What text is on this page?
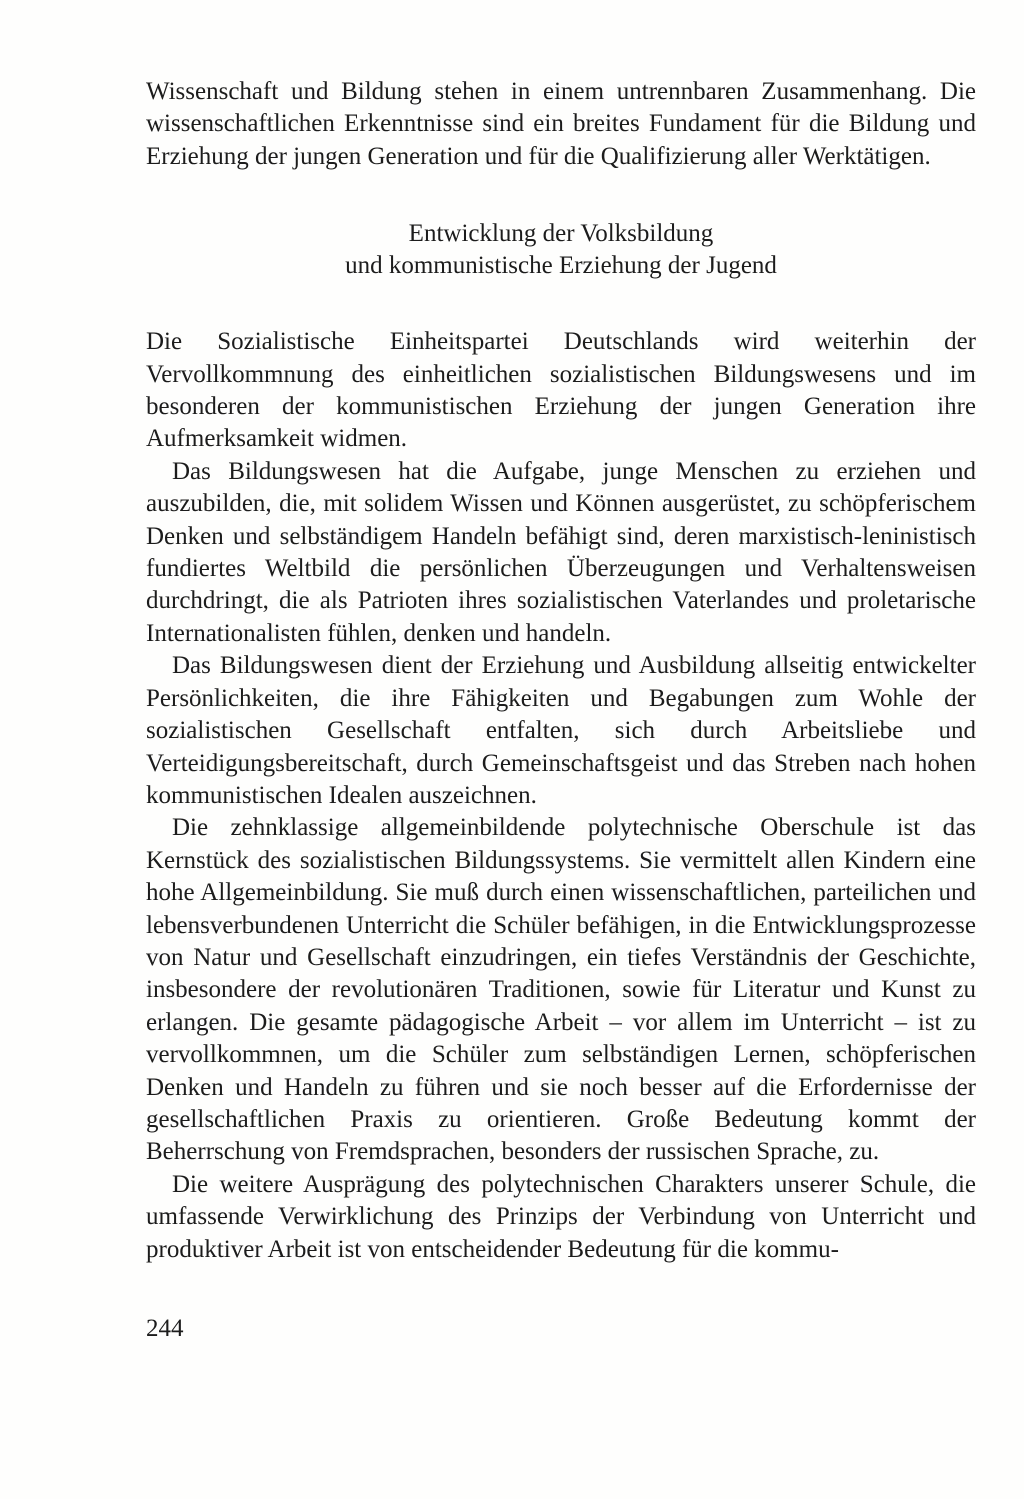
Wissenschaft und Bildung stehen in einem untrennbaren Zusammenhang. Die wissenschaftlichen Erkenntnisse sind ein breites Fundament für die Bildung und Erziehung der jungen Generation und für die Qualifizierung aller Werktätigen.

Entwicklung der Volksbildung
und kommunistische Erziehung der Jugend

Die Sozialistische Einheitspartei Deutschlands wird weiterhin der Vervollkommnung des einheitlichen sozialistischen Bildungswesens und im besonderen der kommunistischen Erziehung der jungen Generation ihre Aufmerksamkeit widmen.

Das Bildungswesen hat die Aufgabe, junge Menschen zu erziehen und auszubilden, die, mit solidem Wissen und Können ausgerüstet, zu schöpferischem Denken und selbständigem Handeln befähigt sind, deren marxistisch-leninistisch fundiertes Weltbild die persönlichen Überzeugungen und Verhaltensweisen durchdringt, die als Patrioten ihres sozialistischen Vaterlandes und proletarische Internationalisten fühlen, denken und handeln.

Das Bildungswesen dient der Erziehung und Ausbildung allseitig entwickelter Persönlichkeiten, die ihre Fähigkeiten und Begabungen zum Wohle der sozialistischen Gesellschaft entfalten, sich durch Arbeitsliebe und Verteidigungsbereitschaft, durch Gemeinschaftsgeist und das Streben nach hohen kommunistischen Idealen auszeichnen.

Die zehnklassige allgemeinbildende polytechnische Oberschule ist das Kernstück des sozialistischen Bildungssystems. Sie vermittelt allen Kindern eine hohe Allgemeinbildung. Sie muß durch einen wissenschaftlichen, parteilichen und lebensverbundenen Unterricht die Schüler befähigen, in die Entwicklungsprozesse von Natur und Gesellschaft einzudringen, ein tiefes Verständnis der Geschichte, insbesondere der revolutionären Traditionen, sowie für Literatur und Kunst zu erlangen. Die gesamte pädagogische Arbeit – vor allem im Unterricht – ist zu vervollkommnen, um die Schüler zum selbständigen Lernen, schöpferischen Denken und Handeln zu führen und sie noch besser auf die Erfordernisse der gesellschaftlichen Praxis zu orientieren. Große Bedeutung kommt der Beherrschung von Fremdsprachen, besonders der russischen Sprache, zu.

Die weitere Ausprägung des polytechnischen Charakters unserer Schule, die umfassende Verwirklichung des Prinzips der Verbindung von Unterricht und produktiver Arbeit ist von entscheidender Bedeutung für die kommu-

244
